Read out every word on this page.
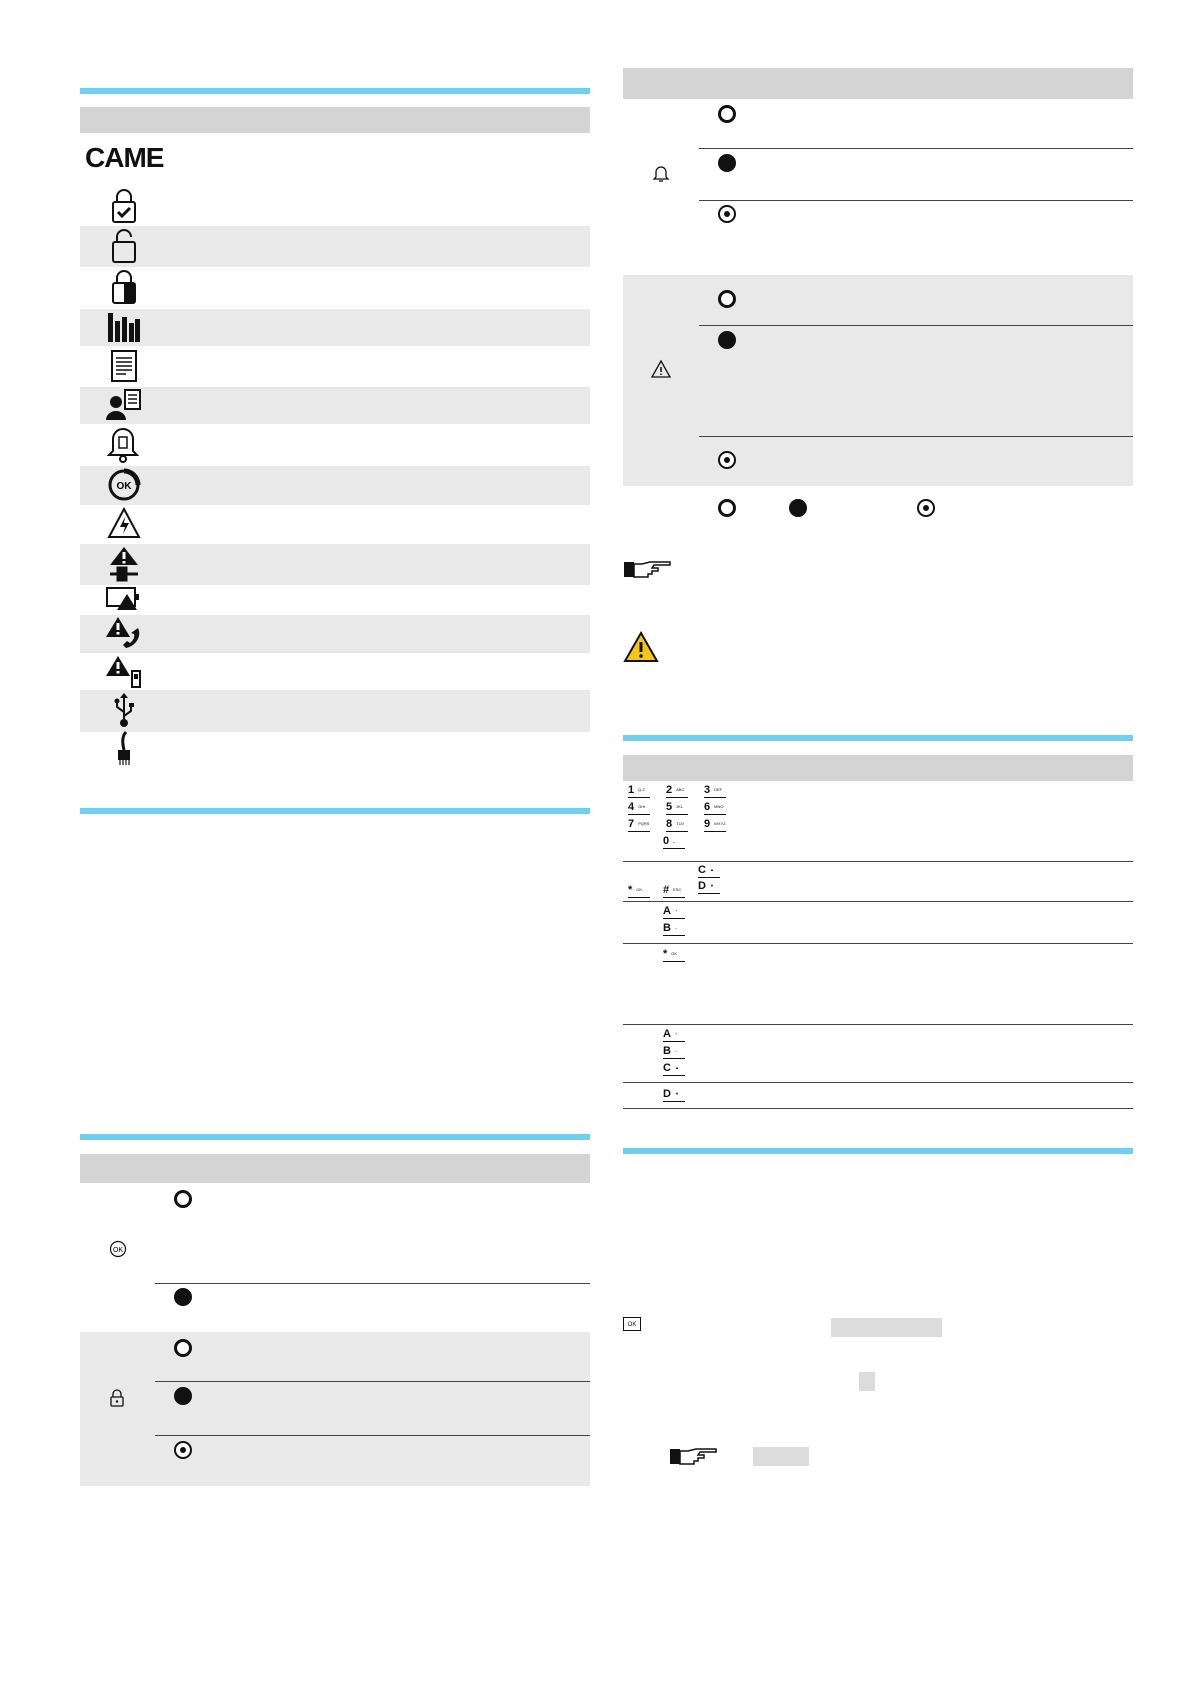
CAME
OK
OK
1 Q.Z	2 ABC	3 DEF
4 GHI	5 JKL	6 MNO
7 PQRS 8 TUV	9 WXYZ
0 ⎵
* OK	# ESC
C ▲
D ▼
A +
B –
* OK
A +
B –
C ▲
D ▼
OK
